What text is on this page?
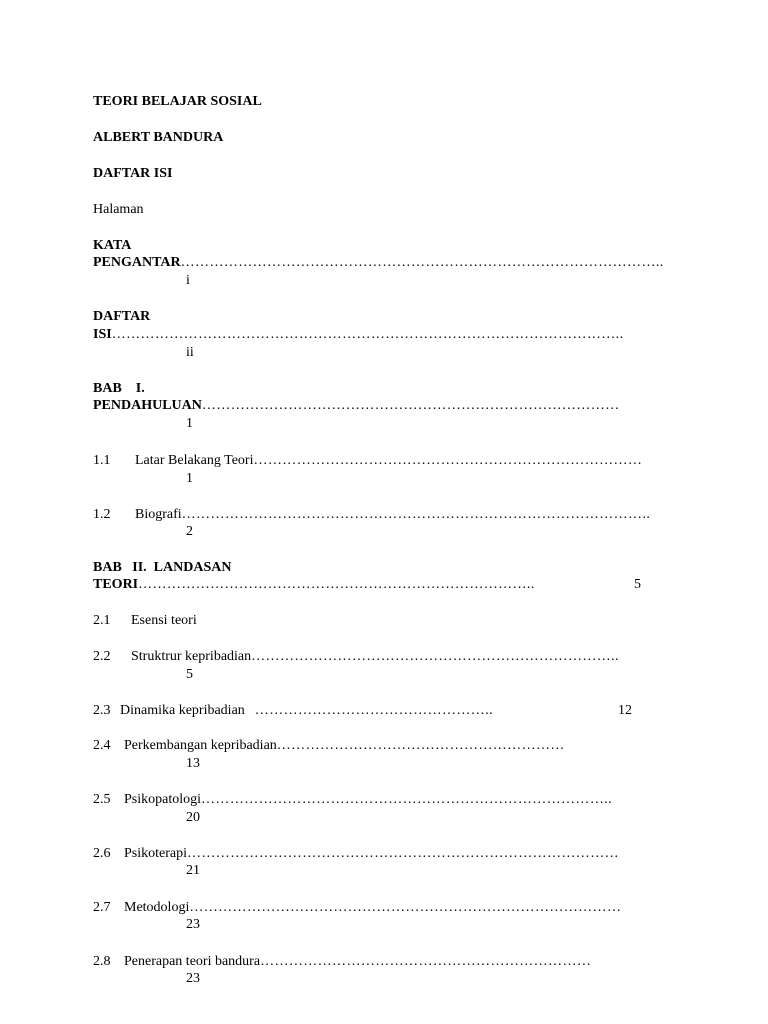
TEORI BELAJAR SOSIAL
ALBERT BANDURA
DAFTAR ISI
Halaman
KATA
PENGANTAR………………………………………………………………………………………..
i
DAFTAR
ISI……………………………………………………………………………………………..
ii
BAB    I.
PENDAHULUAN……………………………………………………………………………
1
1.1 Latar Belakang Teori………………………………………………………………………
1
1.2 Biografi……………………………………………………………………………………..
2
BAB   II.  LANDASAN
TEORI………………………………………………………………………..	5
2.1 Esensi teori
2.2 Struktrur kepribadian…………………………………………………………………..
5
2.3 Dinamika kepribadian …………………………………………..	12
2.4 Perkembangan kepribadian……………………………………………………
13
2.5 Psikopatologi…………………………………………………………………………..
20
2.6 Psikoterapi………………………………………………………………………………
21
2.7 Metodologi………………………………………………………………………………
23
2.8 Penerapan teori bandura……………………………………………………………
23
